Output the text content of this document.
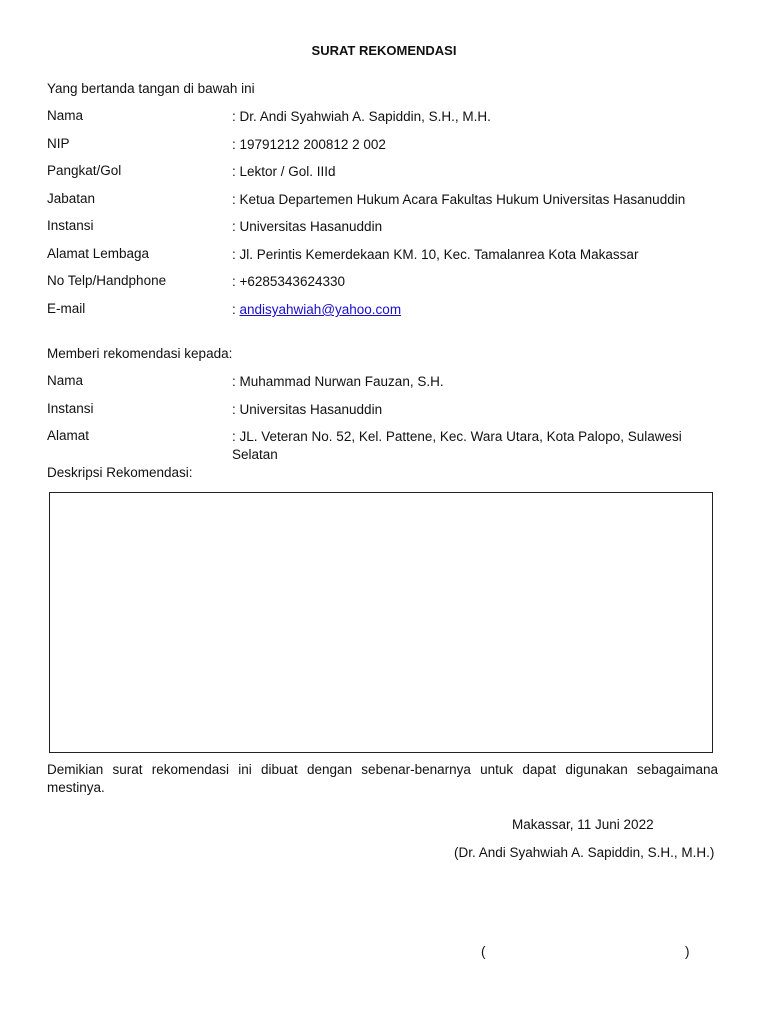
SURAT REKOMENDASI
Yang bertanda tangan di bawah ini
Nama	: Dr. Andi Syahwiah A. Sapiddin, S.H., M.H.
NIP	: 19791212 200812 2 002
Pangkat/Gol	: Lektor / Gol. IIId
Jabatan	: Ketua Departemen Hukum Acara Fakultas Hukum Universitas Hasanuddin
Instansi	: Universitas Hasanuddin
Alamat Lembaga	: Jl. Perintis Kemerdekaan KM. 10, Kec. Tamalanrea Kota Makassar
No Telp/Handphone	: +6285343624330
E-mail	: andisyahwiah@yahoo.com
Memberi rekomendasi kepada:
Nama	: Muhammad Nurwan Fauzan, S.H.
Instansi	: Universitas Hasanuddin
Alamat	: JL. Veteran No. 52, Kel. Pattene, Kec. Wara Utara, Kota Palopo, Sulawesi Selatan
Deskripsi Rekomendasi:
Demikian surat rekomendasi ini dibuat dengan sebenar-benarnya untuk dapat digunakan sebagaimana mestinya.
Makassar, 11 Juni 2022
(Dr. Andi Syahwiah A. Sapiddin, S.H., M.H.)
(	)
